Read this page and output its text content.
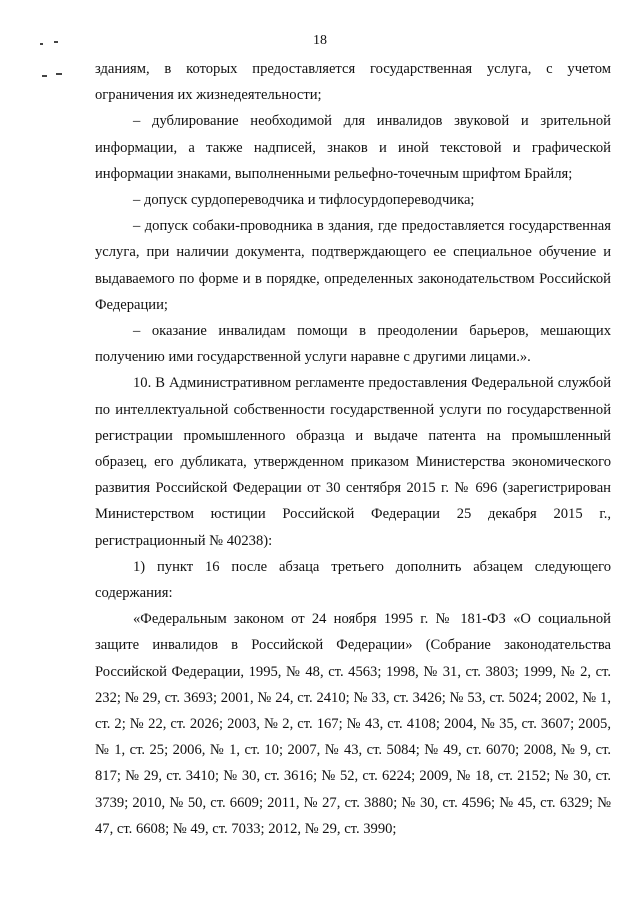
18

зданиям, в которых предоставляется государственная услуга, с учетом ограничения их жизнедеятельности;

– дублирование необходимой для инвалидов звуковой и зрительной информации, а также надписей, знаков и иной текстовой и графической информации знаками, выполненными рельефно-точечным шрифтом Брайля;

– допуск сурдопереводчика и тифлосурдопереводчика;

– допуск собаки-проводника в здания, где предоставляется государственная услуга, при наличии документа, подтверждающего ее специальное обучение и выдаваемого по форме и в порядке, определенных законодательством Российской Федерации;

– оказание инвалидам помощи в преодолении барьеров, мешающих получению ими государственной услуги наравне с другими лицами.».

10. В Административном регламенте предоставления Федеральной службой по интеллектуальной собственности государственной услуги по государственной регистрации промышленного образца и выдаче патента на промышленный образец, его дубликата, утвержденном приказом Министерства экономического развития Российской Федерации от 30 сентября 2015 г. № 696 (зарегистрирован Министерством юстиции Российской Федерации 25 декабря 2015 г., регистрационный № 40238):

1) пункт 16 после абзаца третьего дополнить абзацем следующего содержания:

«Федеральным законом от 24 ноября 1995 г. № 181-ФЗ «О социальной защите инвалидов в Российской Федерации» (Собрание законодательства Российской Федерации, 1995, № 48, ст. 4563; 1998, № 31, ст. 3803; 1999, № 2, ст. 232; № 29, ст. 3693; 2001, № 24, ст. 2410; № 33, ст. 3426; № 53, ст. 5024; 2002, № 1, ст. 2; № 22, ст. 2026; 2003, № 2, ст. 167; № 43, ст. 4108; 2004, № 35, ст. 3607; 2005, № 1, ст. 25; 2006, № 1, ст. 10; 2007, № 43, ст. 5084; № 49, ст. 6070; 2008, № 9, ст. 817; № 29, ст. 3410; № 30, ст. 3616; № 52, ст. 6224; 2009, № 18, ст. 2152; № 30, ст. 3739; 2010, № 50, ст. 6609; 2011, № 27, ст. 3880; № 30, ст. 4596; № 45, ст. 6329; № 47, ст. 6608; № 49, ст. 7033; 2012, № 29, ст. 3990;
